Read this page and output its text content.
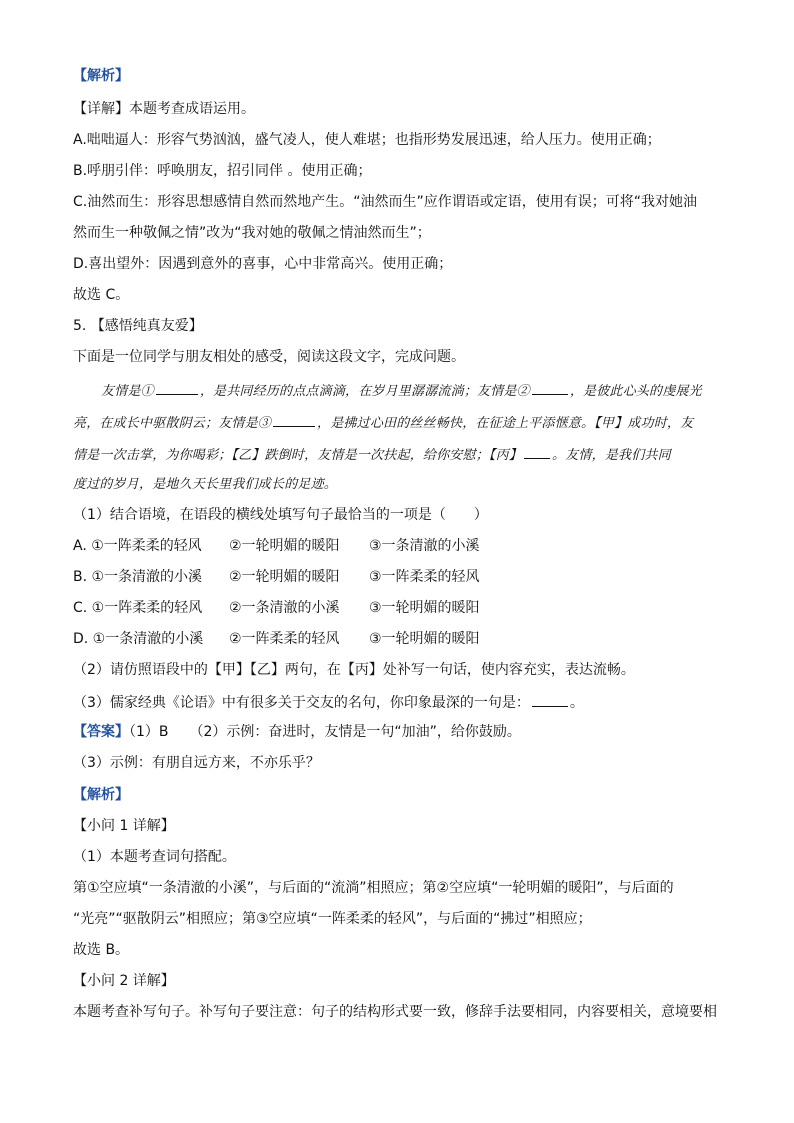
【解析】
【详解】本题考查成语运用。
A.咄咄逼人：形容气势汹汹，盛气凌人，使人难堪；也指形势发展迅速，给人压力。使用正确；
B.呼朋引伴：呼唤朋友，招引同伴 。使用正确；
C.油然而生：形容思想感情自然而然地产生。“油然而生”应作谓语或定语，使用有误；可将“我对她油
然而生一种敬佩之情”改为“我对她的敬佩之情油然而生”；
D.喜出望外：因遇到意外的喜事，心中非常高兴。使用正确；
故选 C。
5. 【感悟纯真友爱】
下面是一位同学与朋友相处的感受，阅读这段文字，完成问题。
友情是①	，是共同经历的点点滴滴，在岁月里潺潺流淌；友情是②	，是彼此心头的虔展光
亮，在成长中驱散阴云；友情是③	，是拂过心田的丝丝畅快，在征途上平添惬意。【甲】成功时，友
情是一次击掌，为你喝彩；【乙】跌倒时，友情是一次扶起，给你安慰；【丙】 。友情，是我们共同
度过的岁月，是地久天长里我们成长的足迹。
（1）结合语境，在语段的横线处填写句子最恰当的一项是（　　）
A. ①一阵柔柔的轻风 ②一轮明媚的暖阳 ③一条清澈的小溪
B. ①一条清澈的小溪 ②一轮明媚的暖阳 ③一阵柔柔的轻风
C. ①一阵柔柔的轻风 ②一条清澈的小溪 ③一轮明媚的暖阳
D. ①一条清澈的小溪 ②一阵柔柔的轻风 ③一轮明媚的暖阳
（2）请仿照语段中的【甲】【乙】两句，在【丙】处补写一句话，使内容充实，表达流畅。
（3）儒家经典《论语》中有很多关于交友的名句，你印象最深的一句是：	。
【答案】（1）B　　（2）示例：奋进时，友情是一句“加油”，给你鼓励。
（3）示例：有朋自远方来，不亦乐乎？
【解析】
【小问 1 详解】
（1）本题考查词句搭配。
第①空应填“一条清澈的小溪”，与后面的“流淌”相照应；第②空应填“一轮明媚的暖阳”，与后面的
“光亮”“驱散阴云”相照应；第③空应填“一阵柔柔的轻风”，与后面的“拂过”相照应；
故选 B。
【小问 2 详解】
本题考查补写句子。补写句子要注意：句子的结构形式要一致，修辞手法要相同，内容要相关，意境要相
